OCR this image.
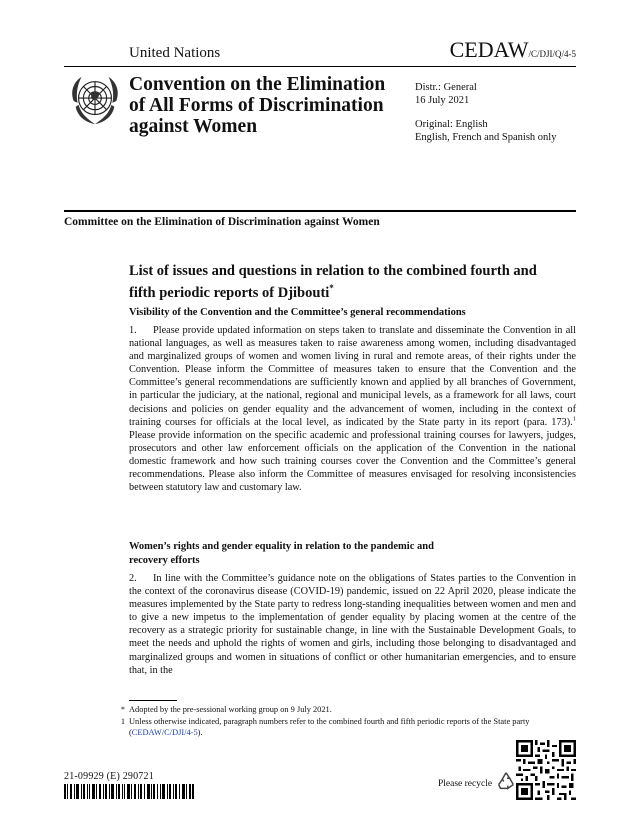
United Nations	CEDAW/C/DJI/Q/4-5
Convention on the Elimination of All Forms of Discrimination against Women
Distr.: General
16 July 2021
Original: English
English, French and Spanish only
Committee on the Elimination of Discrimination against Women
List of issues and questions in relation to the combined fourth and fifth periodic reports of Djibouti*
Visibility of the Convention and the Committee’s general recommendations
1. Please provide updated information on steps taken to translate and disseminate the Convention in all national languages, as well as measures taken to raise awareness among women, including disadvantaged and marginalized groups of women and women living in rural and remote areas, of their rights under the Convention. Please inform the Committee of measures taken to ensure that the Convention and the Committee’s general recommendations are sufficiently known and applied by all branches of Government, in particular the judiciary, at the national, regional and municipal levels, as a framework for all laws, court decisions and policies on gender equality and the advancement of women, including in the context of training courses for officials at the local level, as indicated by the State party in its report (para. 173).$^1$ Please provide information on the specific academic and professional training courses for lawyers, judges, prosecutors and other law enforcement officials on the application of the Convention in the national domestic framework and how such training courses cover the Convention and the Committee’s general recommendations. Please also inform the Committee of measures envisaged for resolving inconsistencies between statutory law and customary law.
Women’s rights and gender equality in relation to the pandemic and recovery efforts
2. In line with the Committee’s guidance note on the obligations of States parties to the Convention in the context of the coronavirus disease (COVID-19) pandemic, issued on 22 April 2020, please indicate the measures implemented by the State party to redress long-standing inequalities between women and men and to give a new impetus to the implementation of gender equality by placing women at the centre of the recovery as a strategic priority for sustainable change, in line with the Sustainable Development Goals, to meet the needs and uphold the rights of women and girls, including those belonging to disadvantaged and marginalized groups and women in situations of conflict or other humanitarian emergencies, and to ensure that, in the
* Adopted by the pre-sessional working group on 9 July 2021.
1 Unless otherwise indicated, paragraph numbers refer to the combined fourth and fifth periodic reports of the State party (CEDAW/C/DJI/4-5).
21-09929 (E) 290721
Please recycle
